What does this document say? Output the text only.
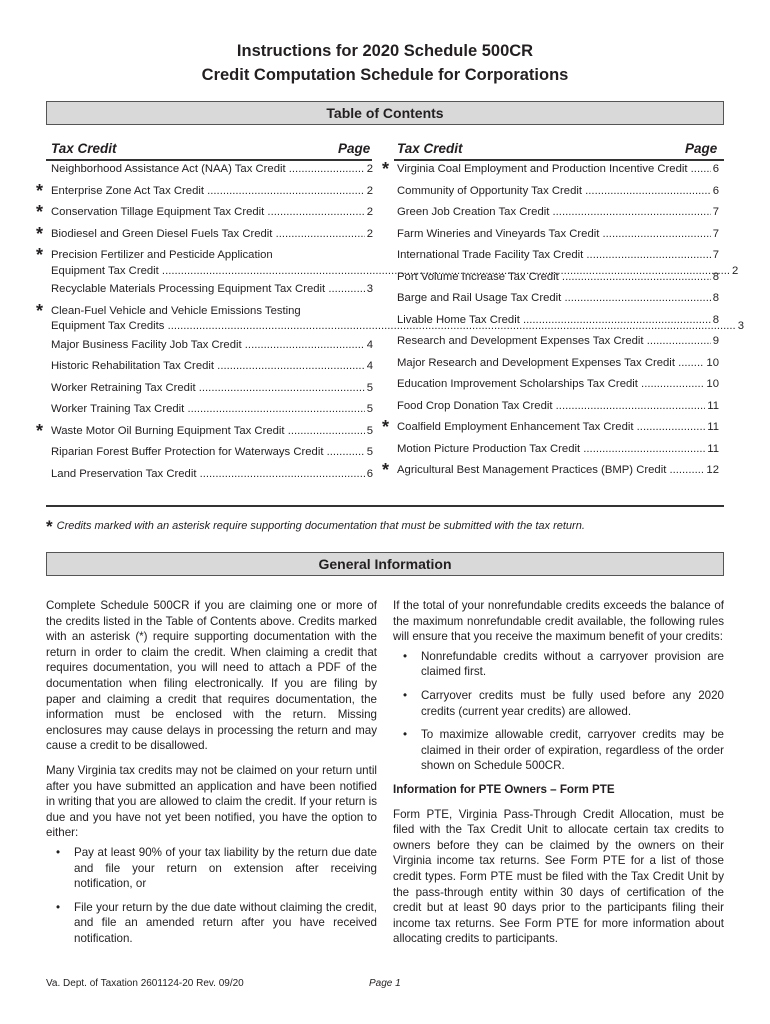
Instructions for 2020 Schedule 500CR
Credit Computation Schedule for Corporations
Table of Contents
Tax Credit	Page Tax Credit	Page
Neighborhood Assistance Act (NAA) Tax Credit .....	2
* Enterprise Zone Act Tax Credit .....	2
* Conservation Tillage Equipment Tax Credit .....	2
* Biodiesel and Green Diesel Fuels Tax Credit .....	2
* Precision Fertilizer and Pesticide Application
Equipment Tax Credit .....	2
Recyclable Materials Processing Equipment Tax Credit .....	3
* Clean-Fuel Vehicle and Vehicle Emissions Testing
Equipment Tax Credits .....	3
Major Business Facility Job Tax Credit .....	4
Historic Rehabilitation Tax Credit .....	4
Worker Retraining Tax Credit .....	5
Worker Training Tax Credit .....	5
* Waste Motor Oil Burning Equipment Tax Credit .....	5
Riparian Forest Buffer Protection for Waterways Credit .....	5
Land Preservation Tax Credit .....	6
* Virginia Coal Employment and Production Incentive Credit .....	6
Community of Opportunity Tax Credit .....	6
Green Job Creation Tax Credit .....	7
Farm Wineries and Vineyards Tax Credit .....	7
International Trade Facility Tax Credit .....	7
Port Volume Increase Tax Credit .....	8
Barge and Rail Usage Tax Credit .....	8
Livable Home Tax Credit .....	8
Research and Development Expenses Tax Credit .....	9
Major Research and Development Expenses Tax Credit .....	10
Education Improvement Scholarships Tax Credit .....	10
Food Crop Donation Tax Credit .....	11
* Coalfield Employment Enhancement Tax Credit .....	11
Motion Picture Production Tax Credit .....	11
* Agricultural Best Management Practices (BMP) Credit .....	12
* Credits marked with an asterisk require supporting documentation that must be submitted with the tax return.
General Information

Complete Schedule 500CR if you are claiming one or more of the credits listed in the Table of Contents above. Credits marked with an asterisk (*) require supporting documentation with the return in order to claim the credit. When claiming a credit that requires documentation, you will need to attach a PDF of the documentation when filing electronically. If you are filing by paper and claiming a credit that requires documentation, the information must be enclosed with the return. Missing enclosures may cause delays in processing the return and may cause a credit to be disallowed.

Many Virginia tax credits may not be claimed on your return until after you have submitted an application and have been notified in writing that you are allowed to claim the credit. If your return is due and you have not yet been notified, you have the option to either:

• Pay at least 90% of your tax liability by the return due date and file your return on extension after receiving notification, or
• File your return by the due date without claiming the credit, and file an amended return after you have received notification.

If the total of your nonrefundable credits exceeds the balance of the maximum nonrefundable credit available, the following rules will ensure that you receive the maximum benefit of your credits:

• Nonrefundable credits without a carryover provision are claimed first.
• Carryover credits must be fully used before any 2020 credits (current year credits) are allowed.
• To maximize allowable credit, carryover credits may be claimed in their order of expiration, regardless of the order shown on Schedule 500CR.

Information for PTE Owners – Form PTE

Form PTE, Virginia Pass-Through Credit Allocation, must be filed with the Tax Credit Unit to allocate certain tax credits to owners before they can be claimed by the owners on their Virginia income tax returns. See Form PTE for a list of those credit types. Form PTE must be filed with the Tax Credit Unit by the pass-through entity within 30 days of certification of the credit but at least 90 days prior to the participants filing their income tax returns. See Form PTE for more information about allocating credits to participants.

Va. Dept. of Taxation 2601124-20 Rev. 09/20	Page 1
